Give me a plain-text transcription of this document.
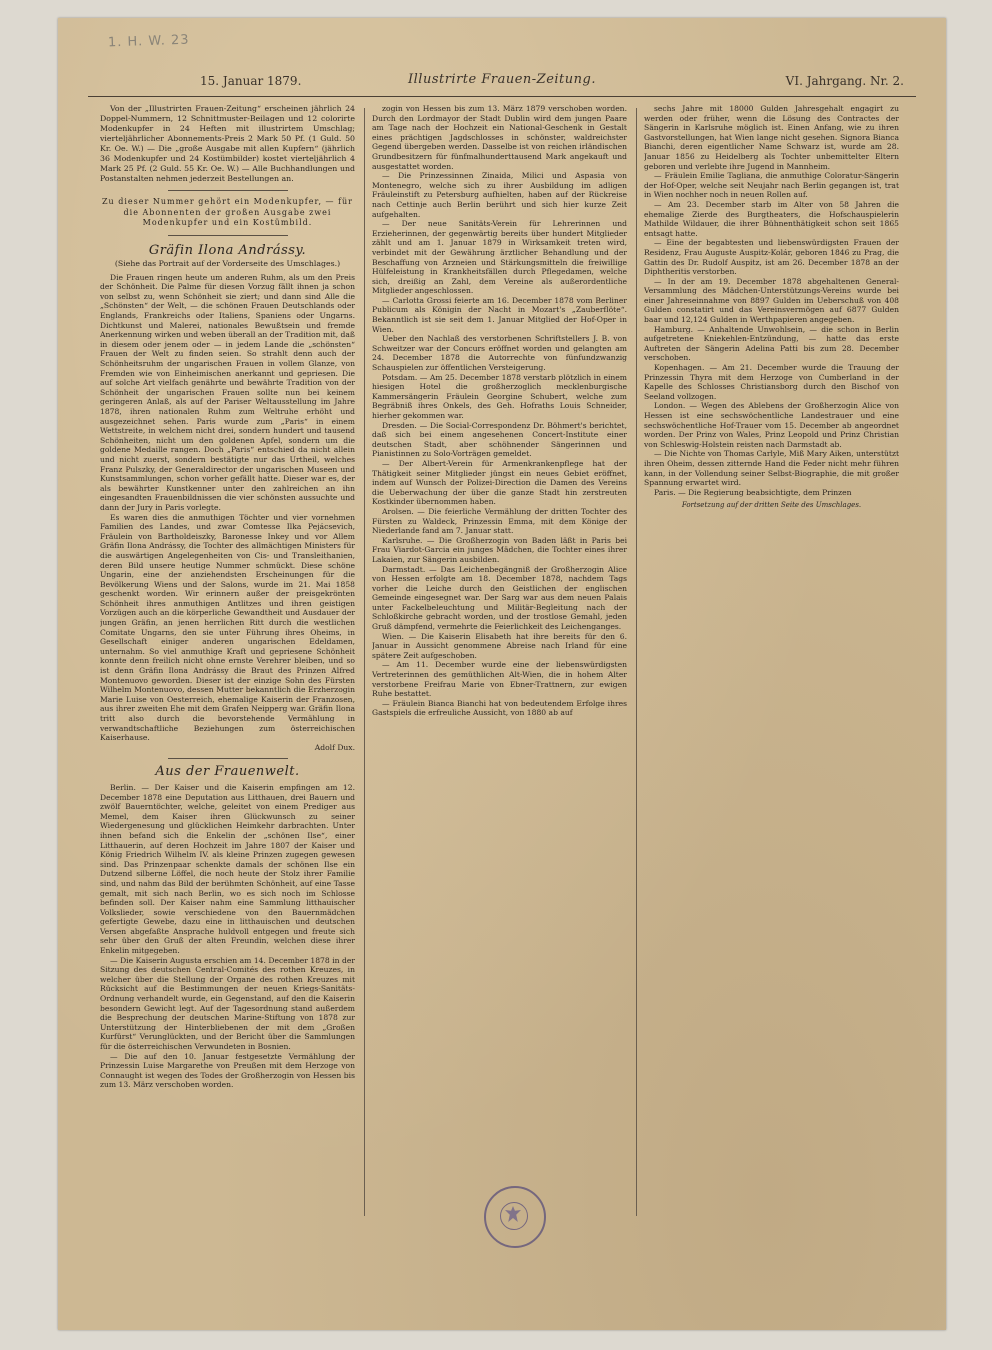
1. H. W. 23
15. Januar 1879.	Illustrirte Frauen-Zeitung.	VI. Jahrgang. Nr. 2.

Von der „Illustrirten Frauen-Zeitung“ erscheinen jährlich 24 Doppel-Nummern, 12 Schnittmuster-Beilagen und 12 colorirte Modenkupfer in 24 Heften mit illustrirtem Umschlag; vierteljährlicher Abonnements-Preis 2 Mark 50 Pf. (1 Guld. 50 Kr. Oe. W.) — Die „große Ausgabe mit allen Kupfern“ (jährlich 36 Modenkupfer und 24 Kostümbilder) kostet vierteljährlich 4 Mark 25 Pf. (2 Guld. 55 Kr. Oe. W.) — Alle Buchhandlungen und Postanstalten nehmen jederzeit Bestellungen an.

Zu dieser Nummer gehört ein Modenkupfer, — für die Abonnenten der großen Ausgabe zwei Modenkupfer und ein Kostümbild.
Gräfin Ilona Andrássy.
(Siehe das Portrait auf der Vorderseite des Umschlages.)

Die Frauen ringen heute um anderen Ruhm, als um den Preis der Schönheit. Die Palme für diesen Vorzug fällt ihnen ja schon von selbst zu, wenn Schönheit sie ziert; und dann sind Alle die „Schönsten“ der Welt, — die schönen Frauen Deutschlands oder Englands, Frankreichs oder Italiens, Spaniens oder Ungarns. Dichtkunst und Malerei, nationales Bewußtsein und fremde Anerkennung wirken und weben überall an der Tradition mit, daß in diesem oder jenem oder — in jedem Lande die „schönsten“ Frauen der Welt zu finden seien. So strahlt denn auch der Schönheitsruhm der ungarischen Frauen in vollem Glanze, von Fremden wie von Einheimischen anerkannt und gepriesen. Die auf solche Art vielfach genährte und bewährte Tradition von der Schönheit der ungarischen Frauen sollte nun bei keinem geringeren Anlaß, als auf der Pariser Weltausstellung im Jahre 1878, ihren nationalen Ruhm zum Weltruhe erhöht und ausgezeichnet sehen. Paris wurde zum „Paris“ in einem Wettstreite, in welchem nicht drei, sondern hundert und tausend Schönheiten, nicht um den goldenen Apfel, sondern um die goldene Medaille rangen. Doch „Paris“ entschied da nicht allein und nicht zuerst, sondern bestätigte nur das Urtheil, welches Franz Pulszky, der Generaldirector der ungarischen Museen und Kunstsammlungen, schon vorher gefällt hatte. Dieser war es, der als bewährter Kunstkenner unter den zahlreichen an ihn eingesandten Frauenbildnissen die vier schönsten aussuchte und dann der Jury in Paris vorlegte.

Es waren dies die anmuthigen Töchter und vier vornehmen Familien des Landes, und zwar Comtesse Ilka Pejácsevich, Fräulein von Bartholdeiszky, Baronesse Inkey und vor Allem Gräfin Ilona Andrássy, die Tochter des allmächtigen Ministers für die auswärtigen Angelegenheiten von Cis- und Transleithanien, deren Bild unsere heutige Nummer schmückt. Diese schöne Ungarin, eine der anziehendsten Erscheinungen für die Bevölkerung Wiens und der Salons, wurde im 21. Mai 1858 geschenkt worden. Wir erinnern außer der preisgekrönten Schönheit ihres anmuthigen Antlitzes und ihren geistigen Vorzügen auch an die körperliche Gewandtheit und Ausdauer der jungen Gräfin, an jenen herrlichen Ritt durch die westlichen Comitate Ungarns, den sie unter Führung ihres Oheims, in Gesellschaft einiger anderen ungarischen Edeldamen, unternahm. So viel anmuthige Kraft und gepriesene Schönheit konnte denn freilich nicht ohne ernste Verehrer bleiben, und so ist denn Gräfin Ilona Andrássy die Braut des Prinzen Alfred Montenuovo geworden. Dieser ist der einzige Sohn des Fürsten Wilhelm Montenuovo, dessen Mutter bekanntlich die Erzherzogin Marie Luise von Oesterreich, ehemalige Kaiserin der Franzosen, aus ihrer zweiten Ehe mit dem Grafen Neipperg war. Gräfin Ilona tritt also durch die bevorstehende Vermählung in verwandtschaftliche Beziehungen zum österreichischen Kaiserhause.

Adolf Dux.
Aus der Frauenwelt.

Berlin. — Der Kaiser und die Kaiserin empfingen am 12. December 1878 eine Deputation aus Litthauen, drei Bauern und zwölf Bauerntöchter, welche, geleitet von einem Prediger aus Memel, dem Kaiser ihren Glückwunsch zu seiner Wiedergenesung und glücklichen Heimkehr darbrachten. Unter ihnen befand sich die Enkelin der „schönen Ilse“, einer Litthauerin, auf deren Hochzeit im Jahre 1807 der Kaiser und König Friedrich Wilhelm IV. als kleine Prinzen zugegen gewesen sind. Das Prinzenpaar schenkte damals der schönen Ilse ein Dutzend silberne Löffel, die noch heute der Stolz ihrer Familie sind, und nahm das Bild der berühmten Schönheit, auf eine Tasse gemalt, mit sich nach Berlin, wo es sich noch im Schlosse befinden soll. Der Kaiser nahm eine Sammlung litthauischer Volkslieder, sowie verschiedene von den Bauernmädchen gefertigte Gewebe, dazu eine in litthauischen und deutschen Versen abgefaßte Ansprache huldvoll entgegen und freute sich sehr über den Gruß der alten Freundin, welchen diese ihrer Enkelin mitgegeben.

— Die Kaiserin Augusta erschien am 14. December 1878 in der Sitzung des deutschen Central-Comités des rothen Kreuzes, in welcher über die Stellung der Organe des rothen Kreuzes mit Rücksicht auf die Bestimmungen der neuen Kriegs-Sanitäts-Ordnung verhandelt wurde, ein Gegenstand, auf den die Kaiserin besondern Gewicht legt. Auf der Tagesordnung stand außerdem die Besprechung der deutschen Marine-Stiftung von 1878 zur Unterstützung der Hinterbliebenen der mit dem „Großen Kurfürst“ Verunglückten, und der Bericht über die Sammlungen für die österreichischen Verwundeten in Bosnien.

— Die auf den 10. Januar festgesetzte Vermählung der Prinzessin Luise Margarethe von Preußen mit dem Herzoge von Connaught ist wegen des Todes der Großherzogin von Hessen bis zum 13. März verschoben worden.

zogin von Hessen bis zum 13. März 1879 verschoben worden. Durch den Lordmayor der Stadt Dublin wird dem jungen Paare am Tage nach der Hochzeit ein National-Geschenk in Gestalt eines prächtigen Jagdschlosses in schönster, waldreichster Gegend übergeben werden. Dasselbe ist von reichen irländischen Grundbesitzern für fünfmalhunderttausend Mark angekauft und ausgestattet worden.

— Die Prinzessinnen Zinaida, Milici und Aspasia von Montenegro, welche sich zu ihrer Ausbildung im adligen Fräuleinstift zu Petersburg aufhielten, haben auf der Rückreise nach Cettinje auch Berlin berührt und sich hier kurze Zeit aufgehalten.

— Der neue Sanitäts-Verein für Lehrerinnen und Erzieherinnen, der gegenwärtig bereits über hundert Mitglieder zählt und am 1. Januar 1879 in Wirksamkeit treten wird, verbindet mit der Gewährung ärztlicher Behandlung und der Beschaffung von Arzneien und Stärkungsmitteln die freiwillige Hülfeleistung in Krankheitsfällen durch Pflegedamen, welche sich, dreißig an Zahl, dem Vereine als außerordentliche Mitglieder angeschlossen.

— Carlotta Grossi feierte am 16. December 1878 vom Berliner Publicum als Königin der Nacht in Mozart's „Zauberflöte“. Bekanntlich ist sie seit dem 1. Januar Mitglied der Hof-Oper in Wien.

Ueber den Nachlaß des verstorbenen Schriftstellers J. B. von Schweitzer war der Concurs eröffnet worden und gelangten am 24. December 1878 die Autorrechte von fünfundzwanzig Schauspielen zur öffentlichen Versteigerung.

Potsdam. — Am 25. December 1878 verstarb plötzlich in einem hiesigen Hotel die großherzoglich mecklenburgische Kammersängerin Fräulein Georgine Schubert, welche zum Begräbniß ihres Onkels, des Geh. Hofraths Louis Schneider, hierher gekommen war.

Dresden. — Die Social-Correspondenz Dr. Böhmert's berichtet, daß sich bei einem angesehenen Concert-Institute einer deutschen Stadt, aber schöhnender Sängerinnen und Pianistinnen zu Solo-Vorträgen gemeldet.

— Der Albert-Verein für Armenkrankenpflege hat der Thätigkeit seiner Mitglieder jüngst ein neues Gebiet eröffnet, indem auf Wunsch der Polizei-Direction die Damen des Vereins die Ueberwachung der über die ganze Stadt hin zerstreuten Kostkinder übernommen haben.

Arolsen. — Die feierliche Vermählung der dritten Tochter des Fürsten zu Waldeck, Prinzessin Emma, mit dem Könige der Niederlande fand am 7. Januar statt.

Karlsruhe. — Die Großherzogin von Baden läßt in Paris bei Frau Viardot-Garcia ein junges Mädchen, die Tochter eines ihrer Lakaien, zur Sängerin ausbilden.

Darmstadt. — Das Leichenbegängniß der Großherzogin Alice von Hessen erfolgte am 18. December 1878, nachdem Tags vorher die Leiche durch den Geistlichen der englischen Gemeinde eingesegnet war. Der Sarg war aus dem neuen Palais unter Fackelbeleuchtung und Militär-Begleitung nach der Schloßkirche gebracht worden, und der trostlose Gemahl, jeden Gruß dämpfend, vermehrte die Feierlichkeit des Leichenganges.

Wien. — Die Kaiserin Elisabeth hat ihre bereits für den 6. Januar in Aussicht genommene Abreise nach Irland für eine spätere Zeit aufgeschoben.

— Am 11. December wurde eine der liebenswürdigsten Vertreterinnen des gemüthlichen Alt-Wien, die in hohem Alter verstorbene Freifrau Marie von Ebner-Trattnern, zur ewigen Ruhe bestattet.

— Fräulein Bianca Bianchi hat von bedeutendem Erfolge ihres Gastspiels die erfreuliche Aussicht, von 1880 ab auf

sechs Jahre mit 18000 Gulden Jahresgehalt engagirt zu werden oder früher, wenn die Lösung des Contractes der Sängerin in Karlsruhe möglich ist. Einen Anfang, wie zu ihren Gastvorstellungen, hat Wien lange nicht gesehen. Signora Bianca Bianchi, deren eigentlicher Name Schwarz ist, wurde am 28. Januar 1856 zu Heidelberg als Tochter unbemittelter Eltern geboren und verlebte ihre Jugend in Mannheim.

— Fräulein Emilie Tagliana, die anmuthige Coloratur-Sängerin der Hof-Oper, welche seit Neujahr nach Berlin gegangen ist, trat in Wien nochher noch in neuen Rollen auf.

— Am 23. December starb im Alter von 58 Jahren die ehemalige Zierde des Burgtheaters, die Hofschauspielerin Mathilde Wildauer, die ihrer Bühnenthätigkeit schon seit 1865 entsagt hatte.

— Eine der begabtesten und liebenswürdigsten Frauen der Residenz, Frau Auguste Auspitz-Kolár, geboren 1846 zu Prag, die Gattin des Dr. Rudolf Auspitz, ist am 26. December 1878 an der Diphtheritis verstorben.

— In der am 19. December 1878 abgehaltenen General-Versammlung des Mädchen-Unterstützungs-Vereins wurde bei einer Jahreseinnahme von 8897 Gulden im Ueberschuß von 408 Gulden constatirt und das Vereinsvermögen auf 6877 Gulden baar und 12,124 Gulden in Werthpapieren angegeben.

Hamburg. — Anhaltende Unwohlsein, — die schon in Berlin aufgetretene Kniekehlen-Entzündung, — hatte das erste Auftreten der Sängerin Adelina Patti bis zum 28. December verschoben.

Kopenhagen. — Am 21. December wurde die Trauung der Prinzessin Thyra mit dem Herzoge von Cumberland in der Kapelle des Schlosses Christiansborg durch den Bischof von Seeland vollzogen.

London. — Wegen des Ablebens der Großherzogin Alice von Hessen ist eine sechswöchentliche Landestrauer und eine sechswöchentliche Hof-Trauer vom 15. December ab angeordnet worden. Der Prinz von Wales, Prinz Leopold und Prinz Christian von Schleswig-Holstein reisten nach Darmstadt ab.

— Die Nichte von Thomas Carlyle, Miß Mary Aiken, unterstützt ihren Oheim, dessen zitternde Hand die Feder nicht mehr führen kann, in der Vollendung seiner Selbst-Biographie, die mit großer Spannung erwartet wird.

Paris. — Die Regierung beabsichtigte, dem Prinzen

Fortsetzung auf der dritten Seite des Umschlages.
